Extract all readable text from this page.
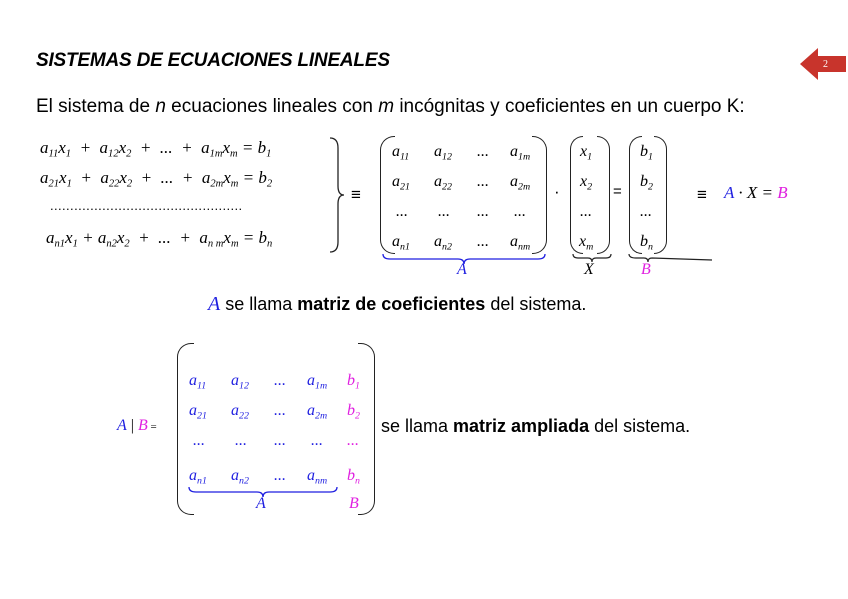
SISTEMAS DE ECUACIONES LINEALES	2
El sistema de n ecuaciones lineales con m incógnitas y coeficientes en un cuerpo K:
$a_{11}x_1 + a_{12}x_2$  +  ...  +  $a_{1m}x_m = b_1$
$a_{21}x_1 + a_{22}x_2$  +  ...  +  $a_{2m}x_m = b_2$
................................................
$a_{n1}x_1 + a_{n2}x_2$  +  ...  +  $a_{n m}x_m = b_n$
≡
$a_{11}$ $a_{12}$ ... $a_{1m}$
$a_{21}$ $a_{22}$ ... $a_{2m}$
... ... ... ...
$a_{n1}$ $a_{n2}$ ... $a_{nm}$
A
·
$x_1$
$x_2$
...
$x_m$
X
=
$b_1$
$b_2$
...
$b_n$
B
≡ A · X = B
A se llama matriz de coeficientes del sistema.
A | B =
$a_{11}$ $a_{12}$ ... $a_{1m}$ $b_1$
$a_{21}$ $a_{22}$ ... $a_{2m}$ $b_2$
... ... ... ... ...
$a_{n1}$ $a_{n2}$ ... $a_{nm}$ $b_n$
A	B
se llama matriz ampliada del sistema.
